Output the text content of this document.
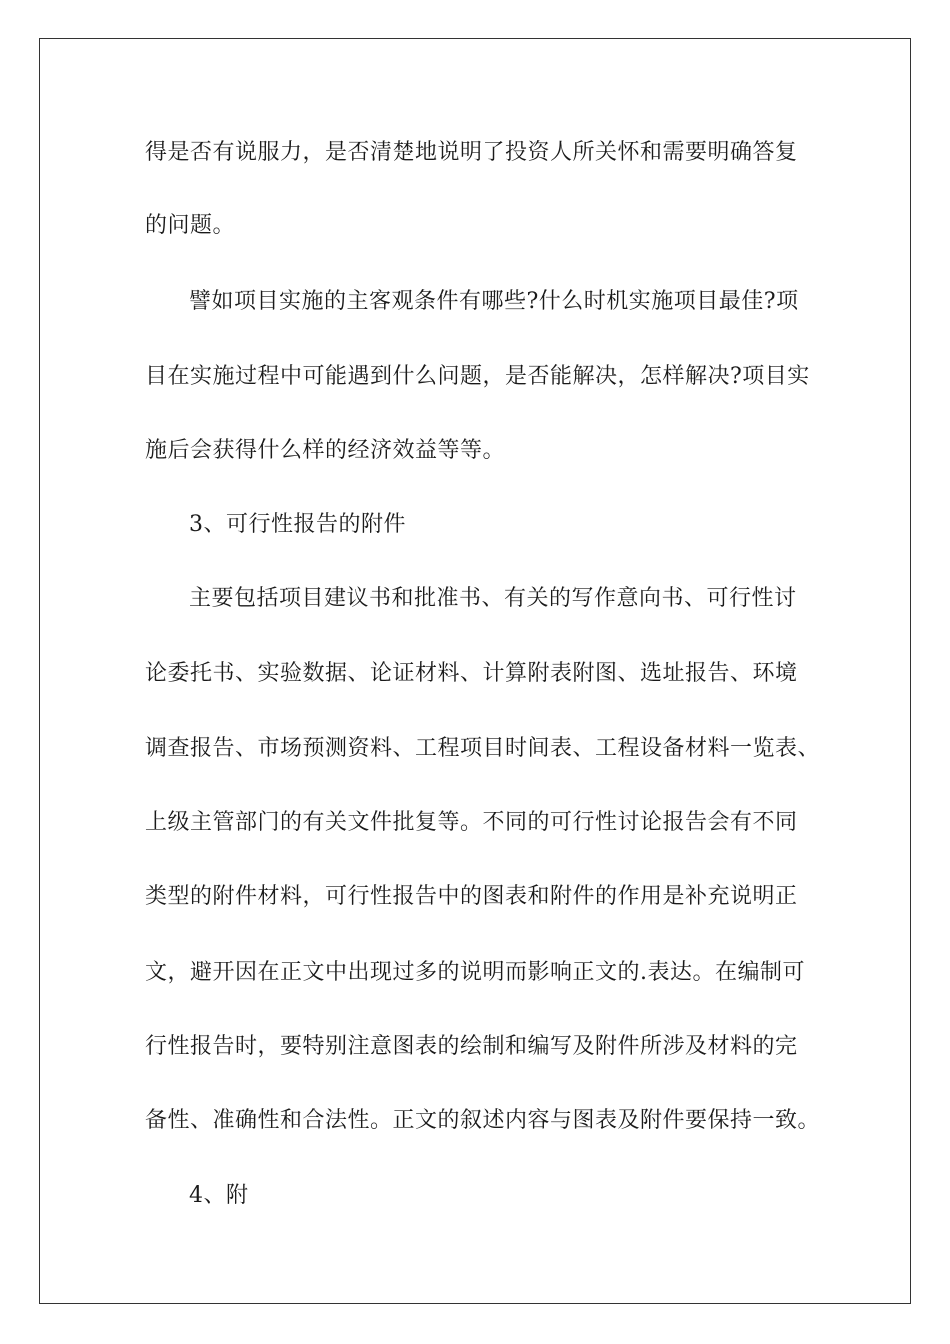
得是否有说服力，是否清楚地说明了投资人所关怀和需要明确答复
的问题。
譬如项目实施的主客观条件有哪些?什么时机实施项目最佳?项
目在实施过程中可能遇到什么问题，是否能解决，怎样解决?项目实
施后会获得什么样的经济效益等等。
3、可行性报告的附件
主要包括项目建议书和批准书、有关的写作意向书、可行性讨
论委托书、实验数据、论证材料、计算附表附图、选址报告、环境
调查报告、市场预测资料、工程项目时间表、工程设备材料一览表、
上级主管部门的有关文件批复等。不同的可行性讨论报告会有不同
类型的附件材料，可行性报告中的图表和附件的作用是补充说明正
文，避开因在正文中出现过多的说明而影响正文的.表达。在编制可
行性报告时，要特别注意图表的绘制和编写及附件所涉及材料的完
备性、准确性和合法性。正文的叙述内容与图表及附件要保持一致。
4、附
